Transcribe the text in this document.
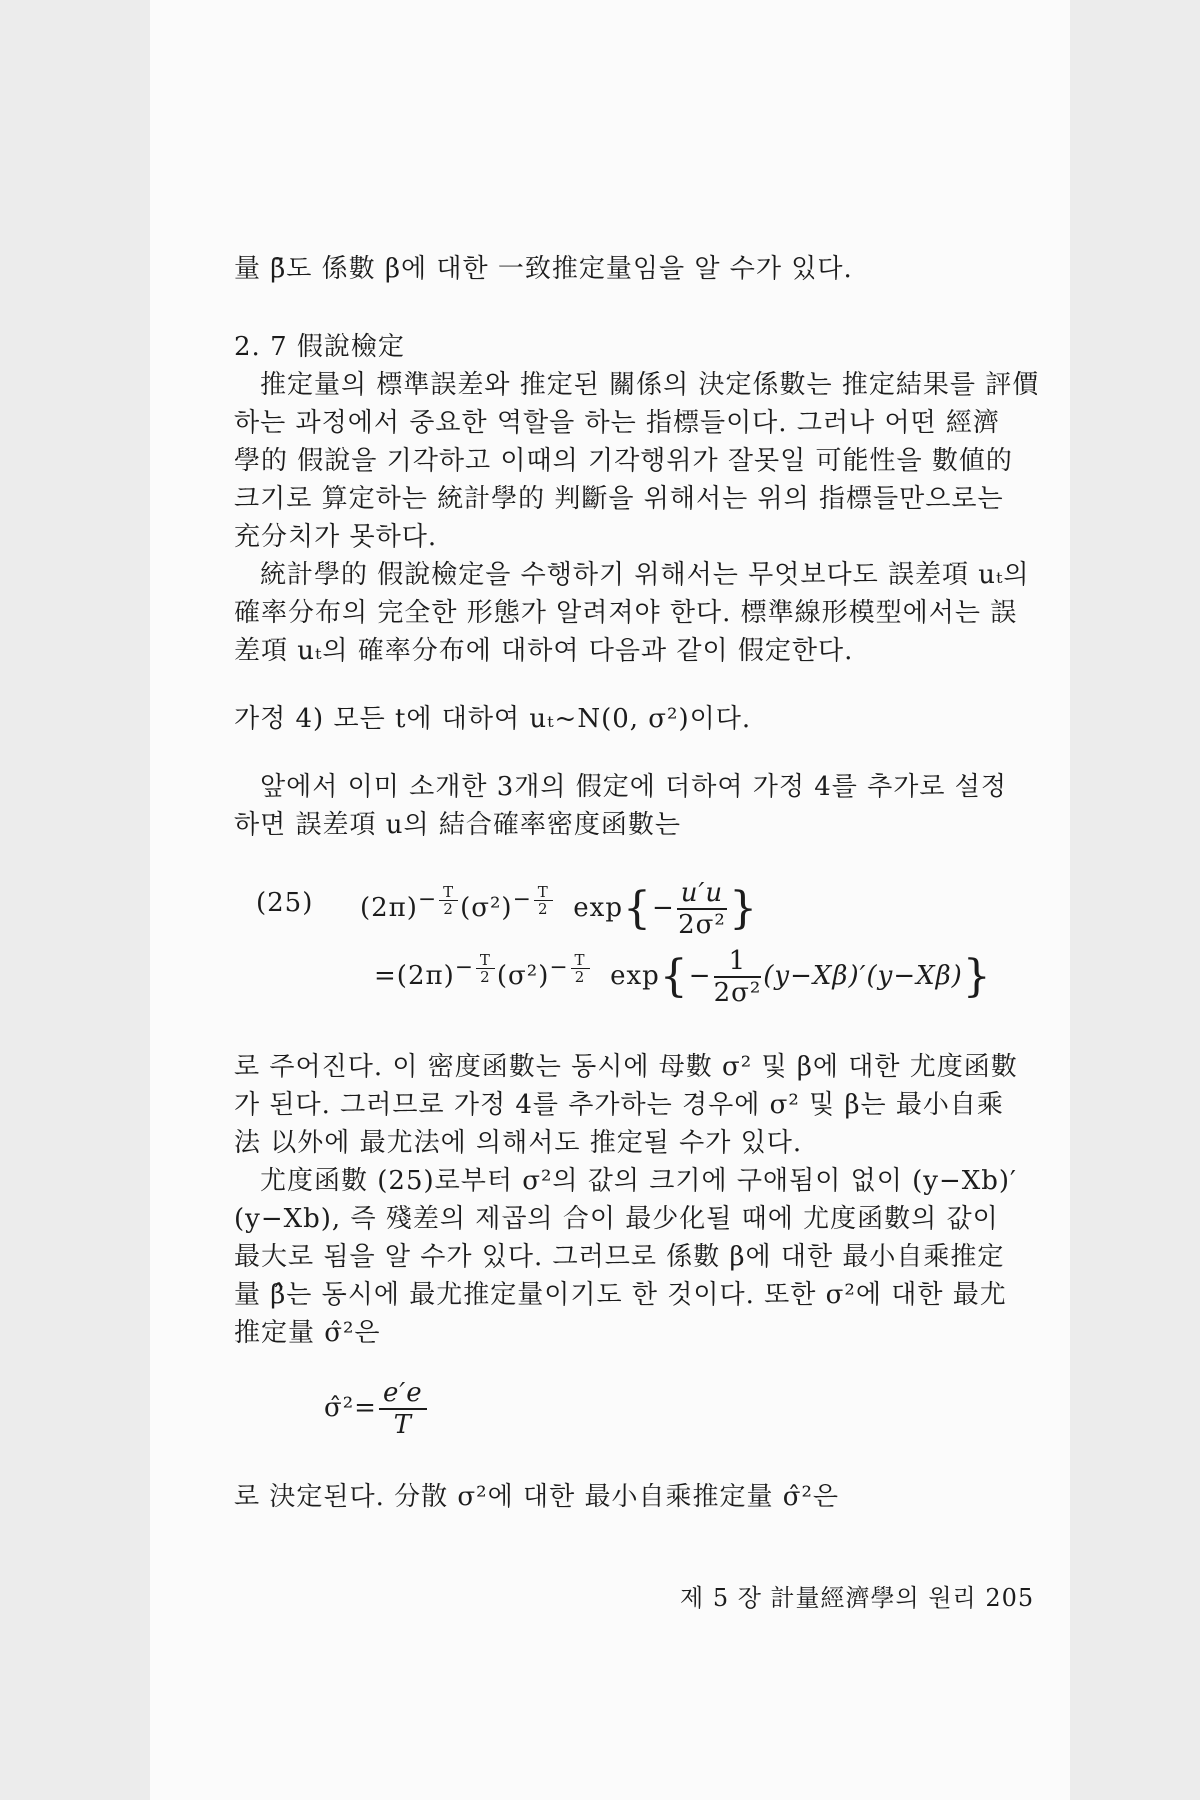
量 β̄도 係數 β에 대한 一致推定量임을 알 수가 있다.
2. 7 假說檢定
推定量의 標準誤差와 推定된 關係의 決定係數는 推定結果를 評價
하는 과정에서 중요한 역할을 하는 指標들이다. 그러나 어떤 經濟
學的 假說을 기각하고 이때의 기각행위가 잘못일 可能性을 數値的
크기로 算定하는 統計學的 判斷을 위해서는 위의 指標들만으로는
充分치가 못하다.
統計學的 假說檢定을 수행하기 위해서는 무엇보다도 誤差項 uₜ의
確率分布의 完全한 形態가 알려져야 한다. 標準線形模型에서는 誤
差項 uₜ의 確率分布에 대하여 다음과 같이 假定한다.
가정 4) 모든 t에 대하여 uₜ~N(0, σ²)이다.
앞에서 이미 소개한 3개의 假定에 더하여 가정 4를 추가로 설정
하면 誤差項 u의 結合確率密度函數는
(25) $(2\pi)^{- \frac{T}{2}}$ $(\sigma^2)^{- \frac{T}{2}}$ $\exp\{- \frac{u'u}{\text{2σ²}}$ }
$=(2\pi)^{- \frac{T}{2}}$ $(\sigma^2)^{- \frac{T}{2}}$ $\exp\{- \frac{1}{\text{2σ²}} (y-X\beta)'(y-X\beta)\}$
로 주어진다. 이 密度函數는 동시에 母數 σ² 및 β에 대한 尤度函數
가 된다. 그러므로 가정 4를 추가하는 경우에 σ² 및 β는 最小自乘
法 以外에 最尤法에 의해서도 推定될 수가 있다.
尤度函數 (25)로부터 σ²의 값의 크기에 구애됨이 없이 (y−Xb)′
(y−Xb), 즉 殘差의 제곱의 合이 最少化될 때에 尤度函數의 값이
最大로 됨을 알 수가 있다. 그러므로 係數 β에 대한 最小自乘推定
量 β̂는 동시에 最尤推定量이기도 한 것이다. 또한 σ²에 대한 最尤
推定量 σ̂²은
σ̂²= $\frac{e'e}{T}$
로 決定된다. 分散 σ²에 대한 最小自乘推定量 σ̂²은
제 5 장 計量經濟學의 원리 205
